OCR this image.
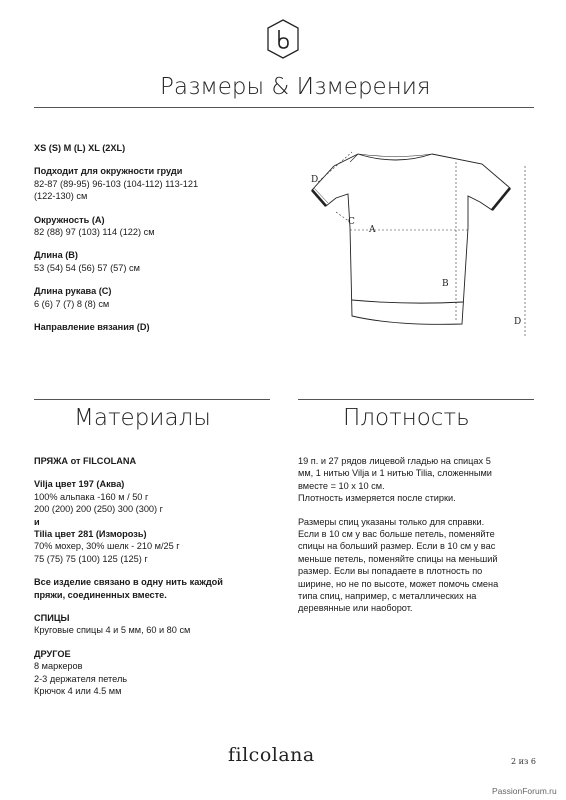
Размеры & Измерения
XS (S) M (L) XL (2XL)
Подходит для окружности груди
82-87 (89-95) 96-103 (104-112) 113-121
(122-130) см
Окружность (A)
82 (88) 97 (103) 114 (122) см
Длина (B)
53 (54) 54 (56) 57 (57) см
Длина рукава (C)
6 (6) 7 (7) 8 (8) см
Направление вязания (D)
A
B
C
D
D
Материалы	Плотность
ПРЯЖА от FILCOLANA
Vilja цвет 197 (Аква)
100% альпака -160 м / 50 г
200 (200) 200 (250) 300 (300) г
и
Tilia цвет 281 (Изморозь)
70% мохер, 30% шелк - 210 м/25 г
75 (75) 75 (100) 125 (125) г
Все изделие связано в одну нить каждой
пряжи, соединенных вместе.
СПИЦЫ
Круговые спицы 4 и 5 мм, 60 и 80 см
ДРУГОЕ
8 маркеров
2-3 держателя петель
Крючок 4 или 4.5 мм
19 п. и 27 рядов лицевой гладью на спицах 5
мм, 1 нитью Vilja и 1 нитью Tilia, сложенными
вместе = 10 x 10 см.
Плотность измеряется после стирки.
Размеры спиц указаны только для справки.
Если в 10 см у вас больше петель, поменяйте
спицы на больший размер. Если в 10 см у вас
меньше петель, поменяйте спицы на меньший
размер. Если вы попадаете в плотность по
ширине, но не по высоте, может помочь смена
типа спиц, например, с металлических на
деревянные или наоборот.
filcolana	2 из 6
PassionForum.ru
